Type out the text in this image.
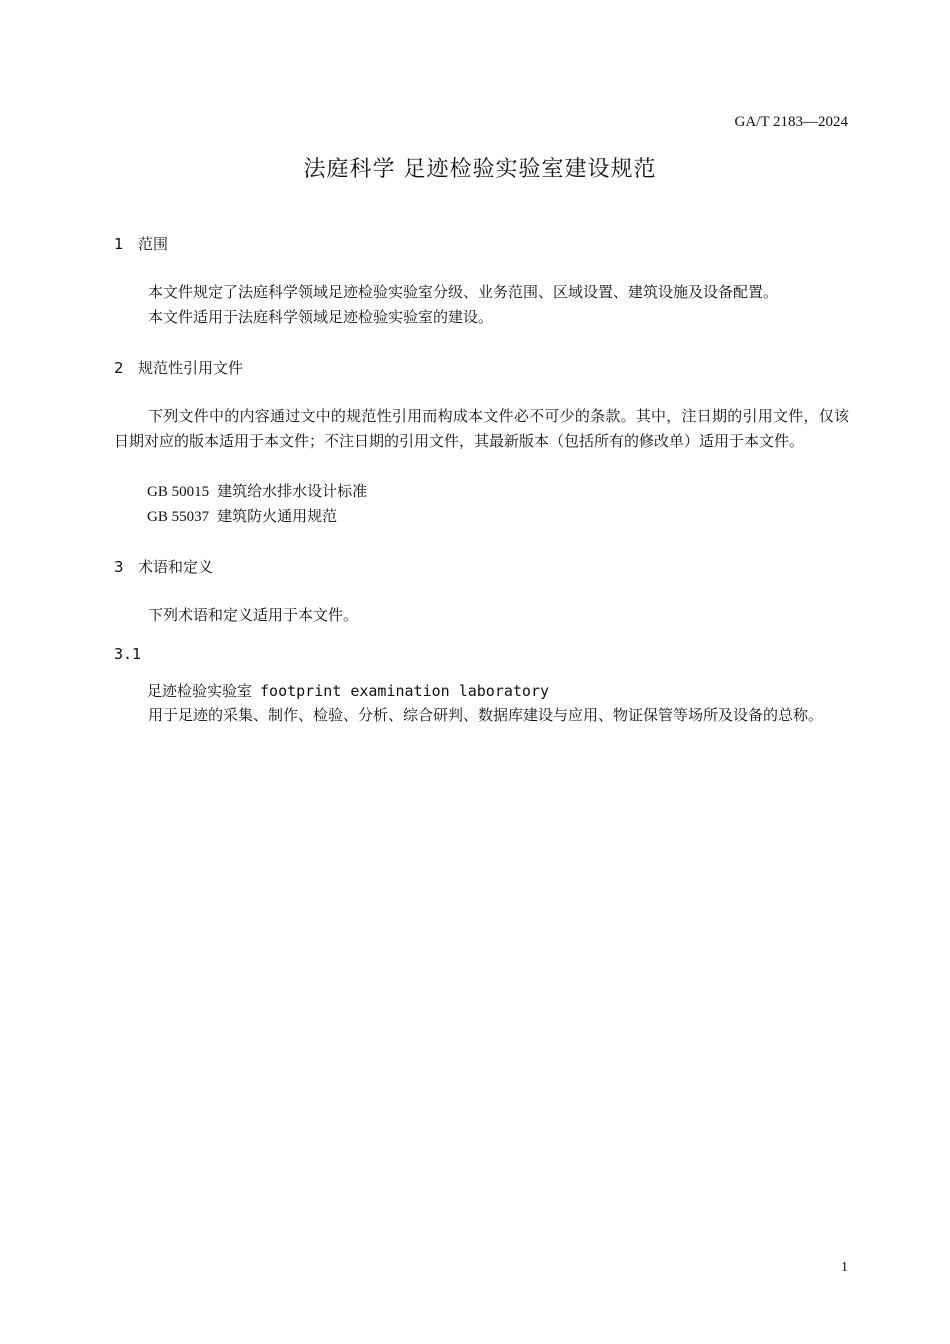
GA/T 2183—2024
法庭科学 足迹检验实验室建设规范
1 范围

本文件规定了法庭科学领域足迹检验实验室分级、业务范围、区域设置、建筑设施及设备配置。

本文件适用于法庭科学领域足迹检验实验室的建设。

2 规范性引用文件

下列文件中的内容通过文中的规范性引用而构成本文件必不可少的条款。其中，注日期的引用文件，仅该日期对应的版本适用于本文件；不注日期的引用文件，其最新版本（包括所有的修改单）适用于本文件。

GB 50015 建筑给水排水设计标准
GB 55037 建筑防火通用规范
3 术语和定义

下列术语和定义适用于本文件。

3.1
足迹检验实验室 footprint examination laboratory

用于足迹的采集、制作、检验、分析、综合研判、数据库建设与应用、物证保管等场所及设备的总称。

1
